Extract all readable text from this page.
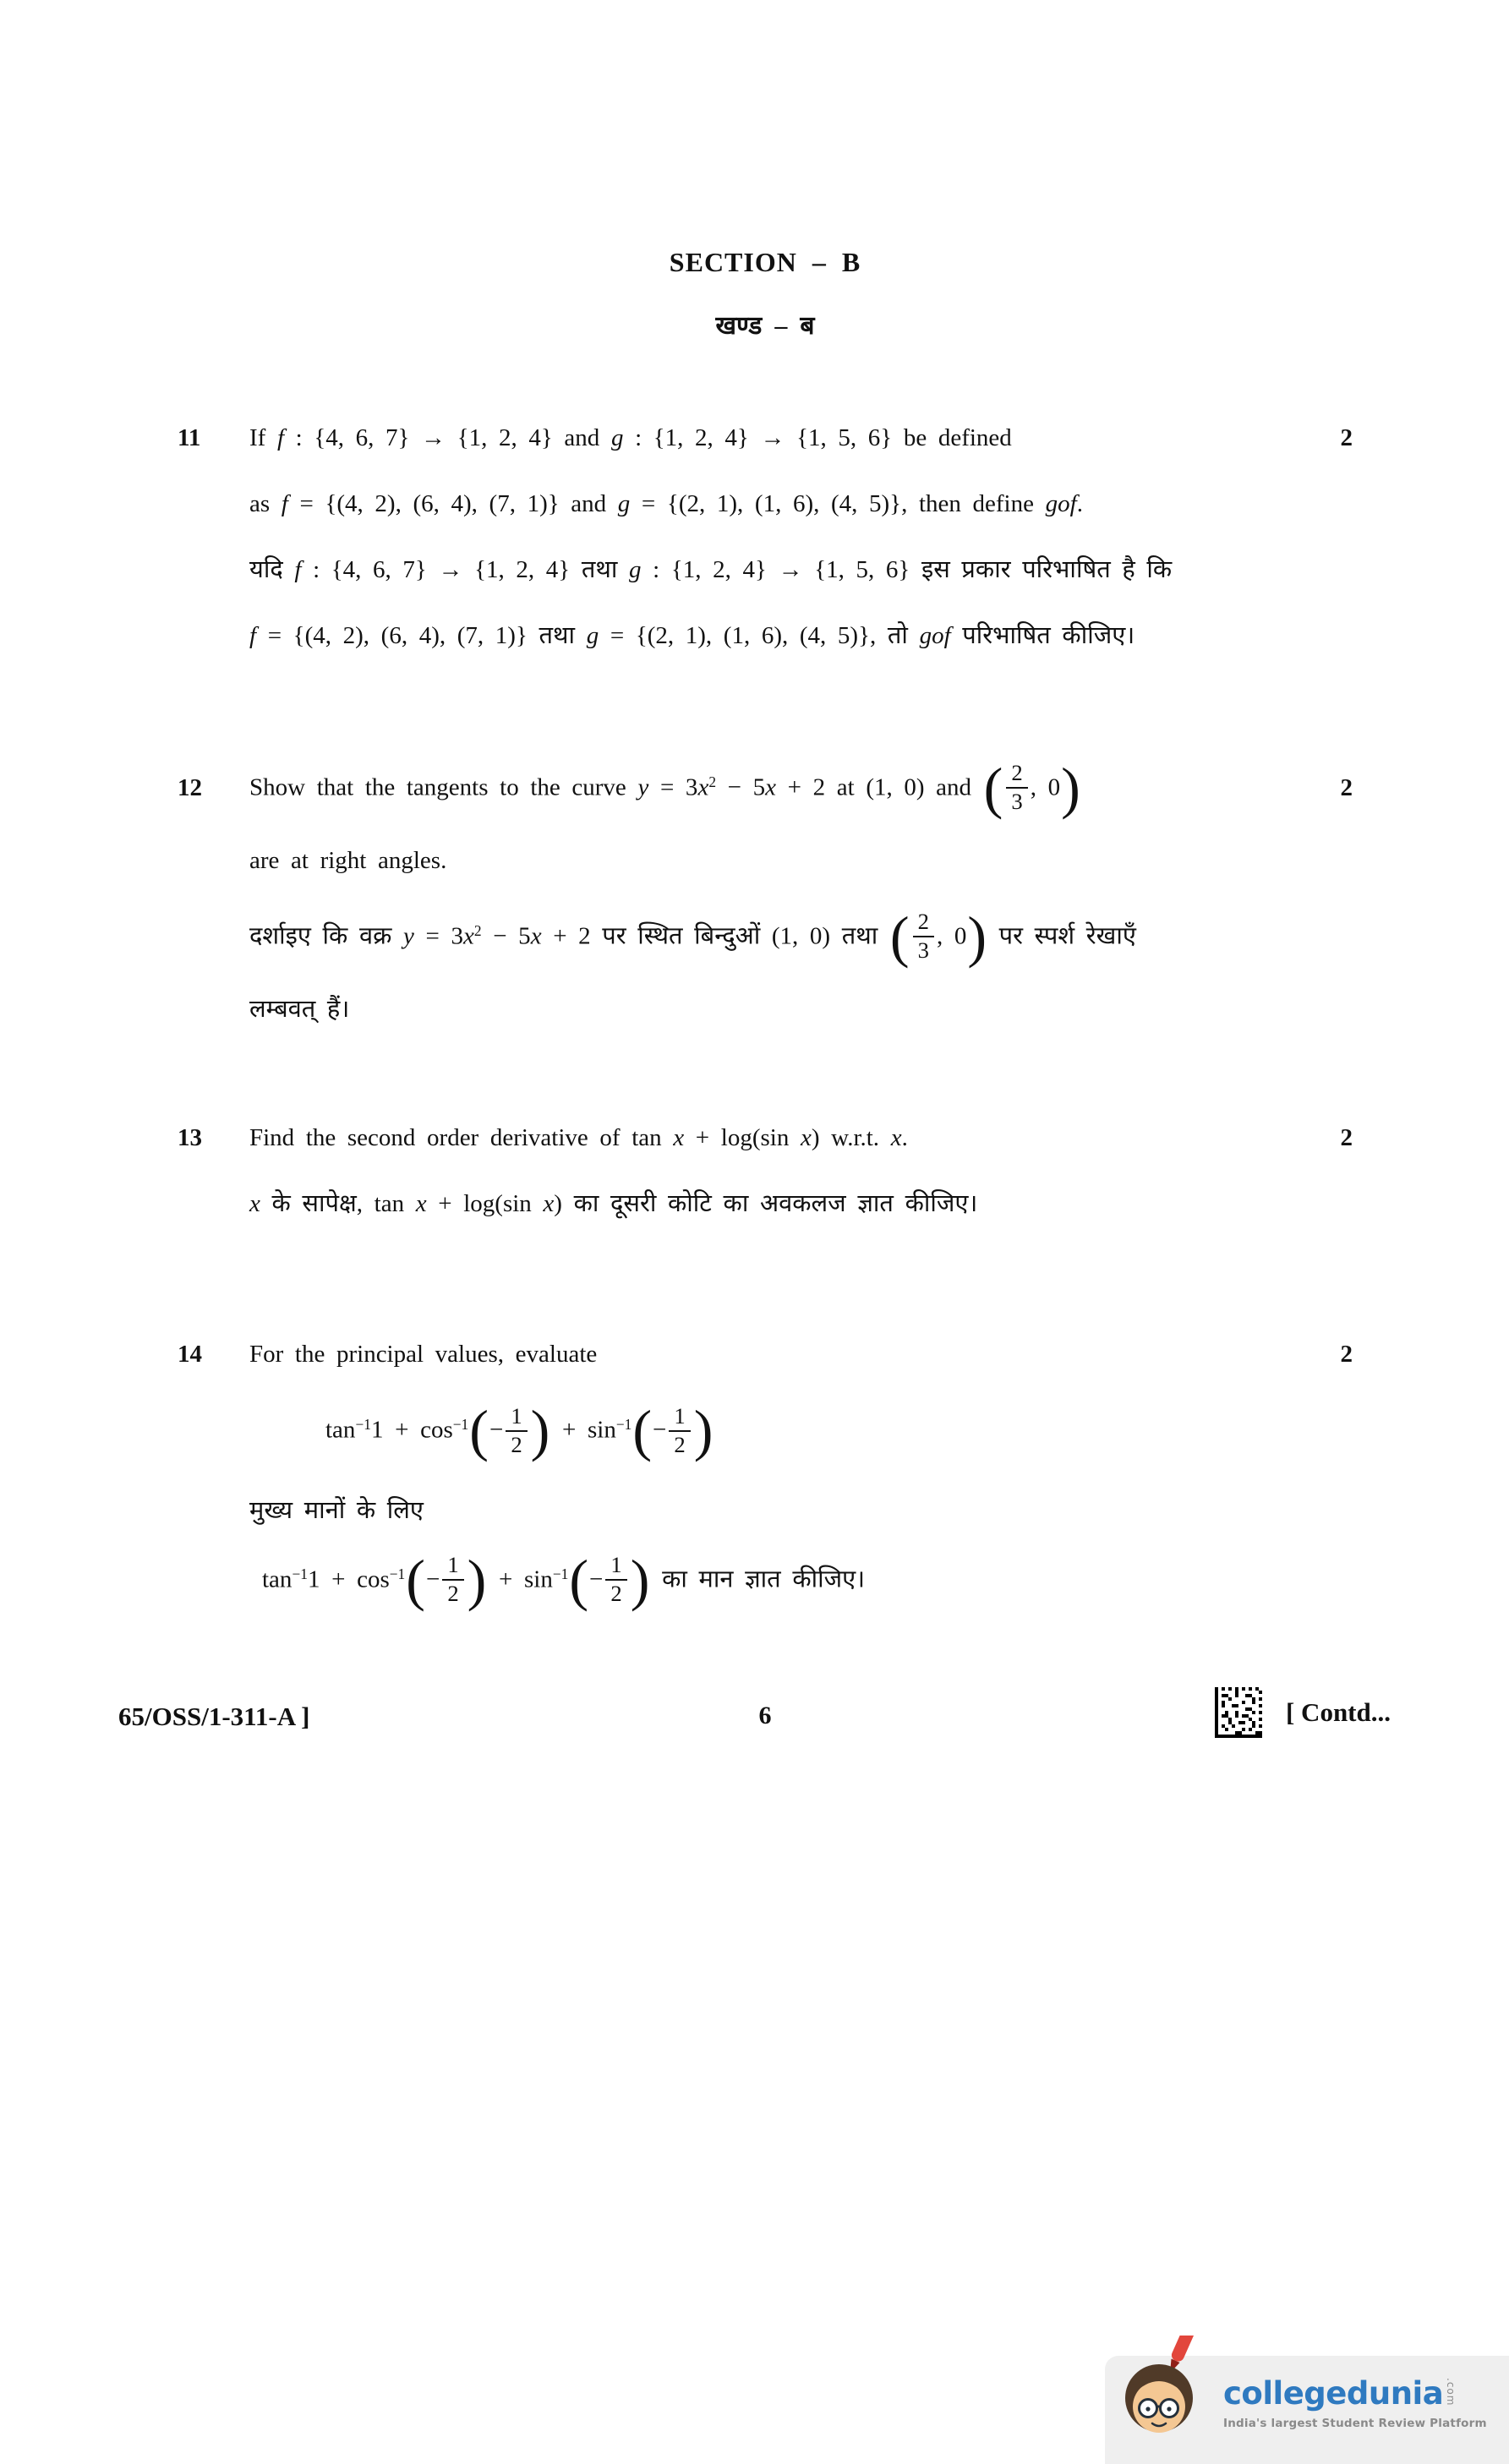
SECTION  –  B
खण्ड  –  ब
11	If f : {4, 6, 7} → {1, 2, 4} and g : {1, 2, 4} → {1, 5, 6} be defined	2
as f = {(4, 2), (6, 4), (7, 1)} and g = {(2, 1), (1, 6), (4, 5)}, then define gof.
यदि f : {4, 6, 7} → {1, 2, 4} तथा g : {1, 2, 4} → {1, 5, 6} इस प्रकार परिभाषित है कि
f = {(4, 2), (6, 4), (7, 1)} तथा g = {(2, 1), (1, 6), (4, 5)}, तो gof परिभाषित कीजिए।
12	Show that the tangents to the curve $y = 3x^2 - 5x + 2$ at (1, 0) and ( $\frac{2}{3}$ , 0)	2
are at right angles.
दर्शाइए कि वक्र $y = 3x^2 - 5x + 2$ पर स्थित बिन्दुओं (1, 0) तथा ( $\frac{2}{3}$ , 0) पर स्पर्श रेखाएँ
लम्बवत् हैं।
13	Find the second order derivative of tan x + log(sin x) w.r.t. x.	2
x के सापेक्ष, tan x + log(sin x) का दूसरी कोटि का अवकलज ज्ञात कीजिए।
14	For the principal values, evaluate	2
$\tan^{-1}1 + \cos^{-1}(- \frac{1}{2}$ ) + $\sin^{-1}(- \frac{1}{2}$ )
मुख्य मानों के लिए
$\tan^{-1}1 + \cos^{-1}(- \frac{1}{2}$ ) + $\sin^{-1}(- \frac{1}{2}$ ) का मान ज्ञात कीजिए।
65/OSS/1-311-A ]	6	[ Contd...
collegedunia .com
India's largest Student Review Platform
